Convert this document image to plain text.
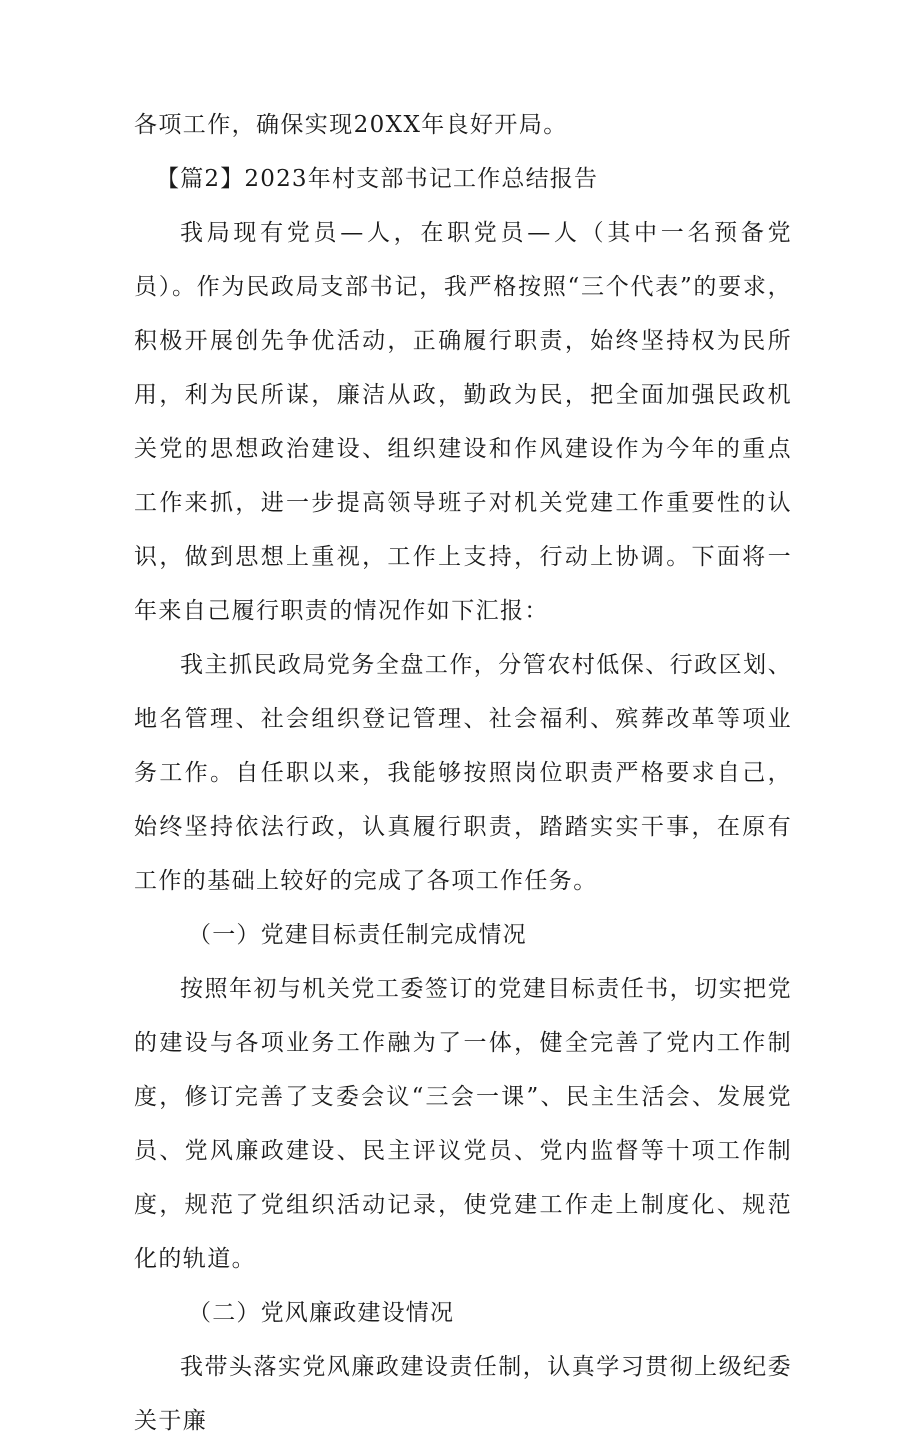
各项工作，确保实现20XX年良好开局。

【篇2】2023年村支部书记工作总结报告

我局现有党员—人，在职党员—人（其中一名预备党员）。作为民政局支部书记，我严格按照“三个代表”的要求，积极开展创先争优活动，正确履行职责，始终坚持权为民所用，利为民所谋，廉洁从政，勤政为民，把全面加强民政机关党的思想政治建设、组织建设和作风建设作为今年的重点工作来抓，进一步提高领导班子对机关党建工作重要性的认识，做到思想上重视，工作上支持，行动上协调。下面将一年来自己履行职责的情况作如下汇报：

我主抓民政局党务全盘工作，分管农村低保、行政区划、地名管理、社会组织登记管理、社会福利、殡葬改革等项业务工作。自任职以来，我能够按照岗位职责严格要求自己，始终坚持依法行政，认真履行职责，踏踏实实干事，在原有工作的基础上较好的完成了各项工作任务。

（一）党建目标责任制完成情况

按照年初与机关党工委签订的党建目标责任书，切实把党的建设与各项业务工作融为了一体，健全完善了党内工作制度，修订完善了支委会议“三会一课”、民主生活会、发展党员、党风廉政建设、民主评议党员、党内监督等十项工作制度，规范了党组织活动记录，使党建工作走上制度化、规范化的轨道。

（二）党风廉政建设情况

我带头落实党风廉政建设责任制，认真学习贯彻上级纪委关于廉
